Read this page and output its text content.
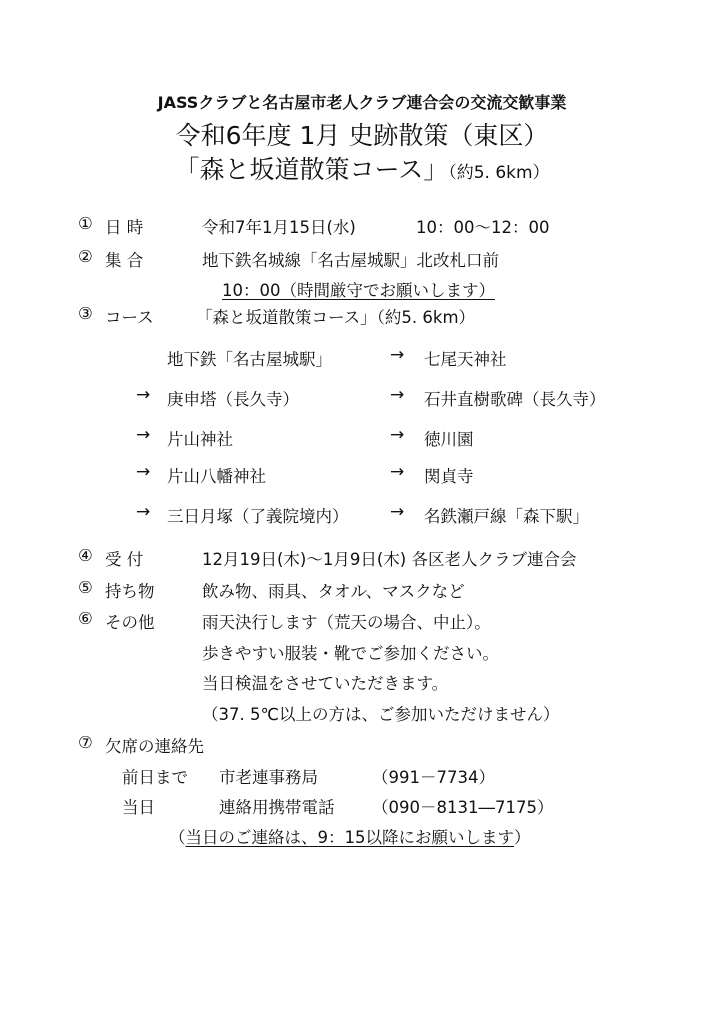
JASSクラブと名古屋市老人クラブ連合会の交流交歓事業
令和6年度 1月 史跡散策（東区）
「森と坂道散策コース」（約5. 6km）
① 日 時	令和7年1月15日(水)	10：00～12：00
② 集 合	地下鉄名城線「名古屋城駅」北改札口前
10：00（時間厳守でお願いします）
③ コース	「森と坂道散策コース」（約5. 6km）
地下鉄「名古屋城駅」	→ 七尾天神社
→ 庚申塔（長久寺）	→ 石井直樹歌碑（長久寺）
→ 片山神社	→ 徳川園
→ 片山八幡神社	→ 関貞寺
→ 三日月塚（了義院境内） → 名鉄瀬戸線「森下駅」
④ 受 付	12月19日(木)～1月9日(木) 各区老人クラブ連合会
⑤ 持ち物	飲み物、雨具、タオル、マスクなど
⑥ その他	雨天決行します（荒天の場合、中止）。
歩きやすい服装・靴でご参加ください。
当日検温をさせていただきます。
（37. 5℃以上の方は、ご参加いただけません）
⑦ 欠席の連絡先
前日まで 市老連事務局	（991－7734）
当日	連絡用携帯電話 （090－8131―7175）
（当日のご連絡は、9：15以降にお願いします）
